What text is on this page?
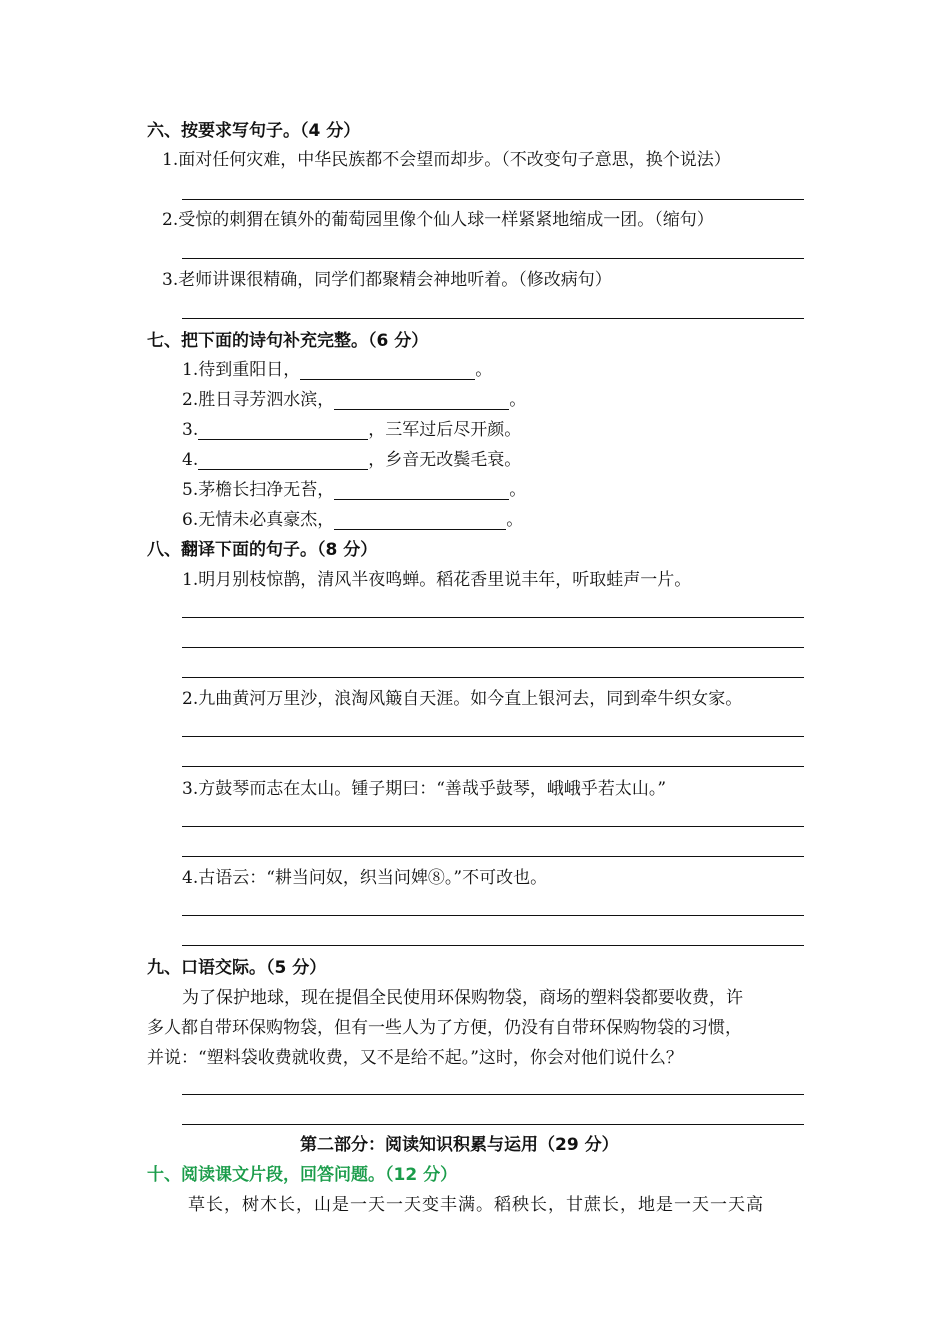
六、按要求写句子。（4 分）
1.面对任何灾难，中华民族都不会望而却步。（不改变句子意思，换个说法）
2.受惊的刺猬在镇外的葡萄园里像个仙人球一样紧紧地缩成一团。（缩句）
3.老师讲课很精确，同学们都聚精会神地听着。（修改病句）
七、把下面的诗句补充完整。（6 分）
1.待到重阳日，	。
2.胜日寻芳泗水滨，	。
3.	，三军过后尽开颜。
4.	，乡音无改鬓毛衰。
5.茅檐长扫净无苔，	。
6.无情未必真豪杰，	。
八、翻译下面的句子。（8 分）
1.明月别枝惊鹊，清风半夜鸣蝉。稻花香里说丰年，听取蛙声一片。
2.九曲黄河万里沙，浪淘风簸自天涯。如今直上银河去，同到牵牛织女家。
3.方鼓琴而志在太山。锺子期曰：“善哉乎鼓琴，峨峨乎若太山。”
4.古语云：“耕当问奴，织当问婢⑧。”不可改也。
九、口语交际。（5 分）
为了保护地球，现在提倡全民使用环保购物袋，商场的塑料袋都要收费，许
多人都自带环保购物袋，但有一些人为了方便，仍没有自带环保购物袋的习惯，
并说：“塑料袋收费就收费，又不是给不起。”这时，你会对他们说什么？
第二部分：阅读知识积累与运用（29 分）
十、阅读课文片段，回答问题。（12 分）
草长，树木长，山是一天一天变丰满。稻秧长，甘蔗长，地是一天一天高
